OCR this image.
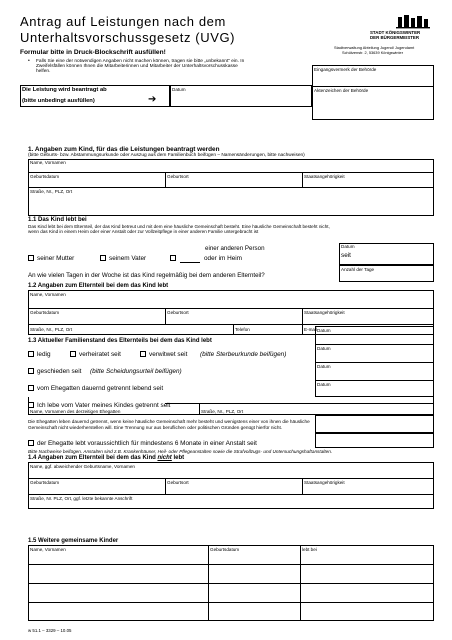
Antrag auf Leistungen nach dem
Unterhaltsvorschussgesetz (UVG)	STADT KÖNIGSWINTER
DER BÜRGERMEISTER
Stadtverwaltung Abteilung Jugend/ Jugendamt
Schützenstr. 2, 53639 Königswinter
Formular bitte in Druck-Blockschrift ausfüllen!
• Falls Sie eine der notwendigen Angaben nicht machen können, tragen sie bitte „unbekannt“ ein. In
Zweifelsfällen können Ihnen die Mitarbeiterinnen und Mitarbeiter der Unterhaltsvorschusskasse
helfen.	Eingangsvermerk der Behörde
Aktenzeichen der Behörde
Die Leistung wird beantragt ab
(bitte unbedingt ausfüllen)	➔
Datum
1. Angaben zum Kind, für das die Leistungen beantragt werden
(bitte Geburts- bzw. Abstammungsurkunde oder Auszug aus dem Familienbuch beifügen – Namensänderungen, bitte nachweisen)
Name, Vornamen
Geburtsdatum	Geburtsort	Staatsangehörigkeit
Straße, Nr., PLZ, Ort
1.1 Das Kind lebt bei
Das Kind lebt bei dem Elternteil, der das Kind betreut und mit dem eine häusliche Gemeinschaft besteht. Eine häusliche Gemeinschaft besteht nicht,
wenn das Kind in einem Heim oder einer Anstalt oder zur Vollzeitpflege in einer anderen Familie untergebracht ist
einer anderen Person
seiner Mutter	seinem Vater	oder im Heim
Datum
seit
An wie vielen Tagen in der Woche ist das Kind regelmäßig bei dem anderen Elternteil?
Anzahl der Tage
1.2 Angaben zum Elternteil bei dem das Kind lebt
Name, Vornamen
Geburtsdatum	Geburtsort	Staatsangehörigkeit
Straße, Nr., PLZ, Ort	Telefon	E-mail
1.3 Aktueller Familienstand des Elternteils bei dem das Kind lebt
Datum
Datum
Datum
Datum
ledig	verheiratet seit	verwitwet seit (bitte Sterbeurkunde beifügen)
geschieden seit (bitte Scheidungsurteil beifügen)
vom Ehegatten dauernd getrennt lebend seit
Ich lebe vom Vater meines Kindes getrennt seit
Name, Vornamen des derzeitigen Ehegatten	Straße, Nr., PLZ, Ort
Die Ehegatten leben dauernd getrennt, wenn keine häusliche Gemeinschaft mehr besteht und wenigstens einer von ihnen die häusliche
Gemeinschaft nicht wiederherstellen will. Eine Trennung nur aus beruflichen oder politischen Gründen genügt hierfür nicht.
der Ehegatte lebt voraussichtlich für mindestens 6 Monate in einer Anstalt seit
Bitte Nachweise beifügen. Anstalten sind z.B. Krankenhäuser, Heil- oder Pflegeanstalten sowie die Strafvollzugs- und Untersuchungshaftanstalten.
1.4 Angaben zum Elternteil bei dem das Kind nicht lebt
Name, ggf. abweichender Geburtsname, Vornamen
Geburtsdatum	Geburtsort	Staatsangehörigkeit
Straße, Nr. PLZ, Ort, ggf. letzte bekannte Anschrift
1.5 Weitere gemeinsame Kinder
Name, Vornamen	Geburtsdatum	lebt bei
w 51.1 – 3329 – 10.05
